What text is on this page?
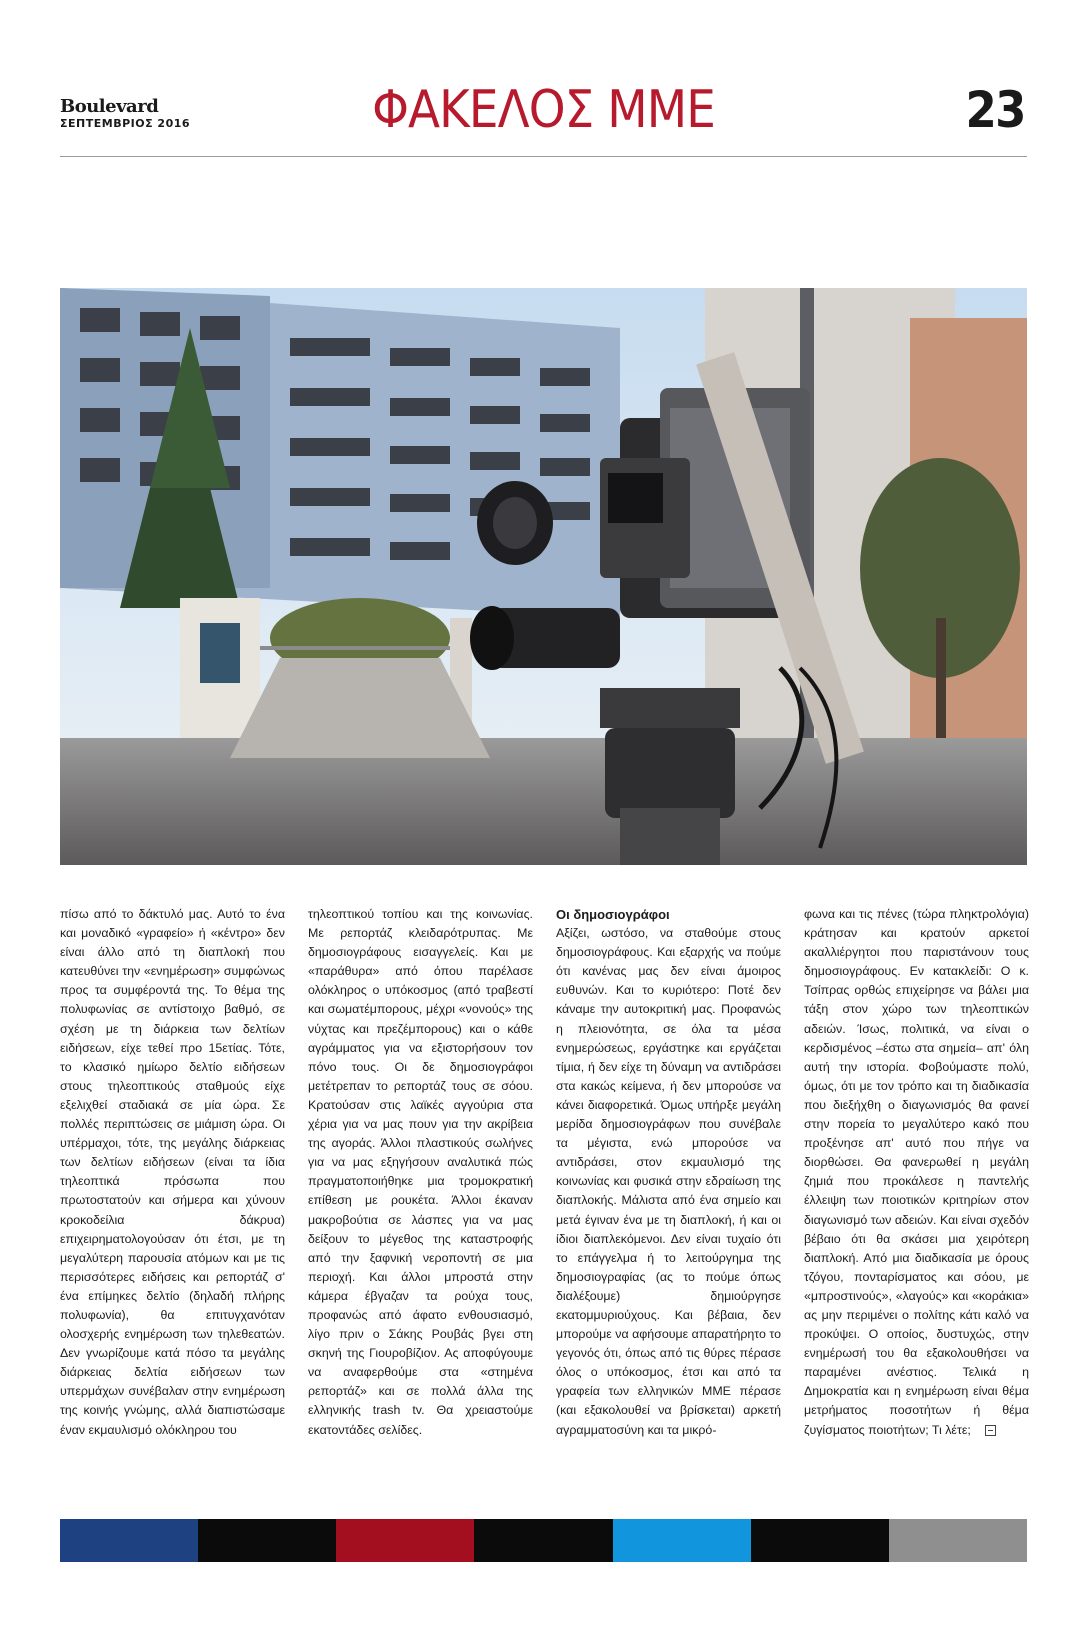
Boulevard
ΣΕΠΤΕΜΒΡΙΟΣ 2016	ΦΑΚΕΛΟΣ ΜΜΕ	23

πίσω από το δάκτυλό μας. Αυτό το ένα και μοναδικό «γραφείο» ή «κέντρο» δεν είναι άλλο από τη διαπλοκή που κατευθύνει την «ενημέρωση» συμφώνως προς τα συμφέροντά της. Το θέμα της πολυφωνίας σε αντίστοιχο βαθμό, σε σχέση με τη διάρκεια των δελτίων ειδήσεων, είχε τεθεί προ 15ετίας. Τότε, το κλασικό ημίωρο δελτίο ειδήσεων στους τηλεοπτικούς σταθμούς είχε εξελιχθεί σταδιακά σε μία ώρα. Σε πολλές περιπτώσεις σε μιάμιση ώρα. Οι υπέρμαχοι, τότε, της μεγάλης διάρκειας των δελτίων ειδήσεων (είναι τα ίδια τηλεοπτικά πρόσωπα που πρωτοστατούν και σήμερα και χύνουν κροκοδείλια δάκρυα) επιχειρηματολογούσαν ότι έτσι, με τη μεγαλύτερη παρουσία ατόμων και με τις περισσότερες ειδήσεις και ρεπορτάζ σ' ένα επίμηκες δελτίο (δηλαδή πλήρης πολυφωνία), θα επιτυγχανόταν ολοσχερής ενημέρωση των τηλεθεατών. Δεν γνωρίζουμε κατά πόσο τα μεγάλης διάρκειας δελτία ειδήσεων των υπερμάχων συνέβαλαν στην ενημέρωση της κοινής γνώμης, αλλά διαπιστώσαμε έναν εκμαυλισμό ολόκληρου του

τηλεοπτικού τοπίου και της κοινωνίας. Με ρεπορτάζ κλειδαρότρυπας. Με δημοσιογράφους εισαγγελείς. Και με «παράθυρα» από όπου παρέλασε ολόκληρος ο υπόκοσμος (από τραβεστί και σωματέμπορους, μέχρι «νονούς» της νύχτας και πρεζέμπορους) και ο κάθε αγράμματος για να εξιστορήσουν τον πόνο τους. Οι δε δημοσιογράφοι μετέτρεπαν το ρεπορτάζ τους σε σόου. Κρατούσαν στις λαϊκές αγγούρια στα χέρια για να μας πουν για την ακρίβεια της αγοράς. Άλλοι πλαστικούς σωλήνες για να μας εξηγήσουν αναλυτικά πώς πραγματοποιήθηκε μια τρομοκρατική επίθεση με ρουκέτα. Άλλοι έκαναν μακροβούτια σε λάσπες για να μας δείξουν το μέγεθος της καταστροφής από την ξαφνική νεροποντή σε μια περιοχή. Και άλλοι μπροστά στην κάμερα έβγαζαν τα ρούχα τους, προφανώς από άφατο ενθουσιασμό, λίγο πριν ο Σάκης Ρουβάς βγει στη σκηνή της Γιουροβίζιον. Ας αποφύγουμε να αναφερθούμε στα «στημένα ρεπορτάζ» και σε πολλά άλλα της ελληνικής trash tv. Θα χρειαστούμε εκατοντάδες σελίδες.

Οι δημοσιογράφοι

Αξίζει, ωστόσο, να σταθούμε στους δημοσιογράφους. Και εξαρχής να πούμε ότι κανένας μας δεν είναι άμοιρος ευθυνών. Και το κυριότερο: Ποτέ δεν κάναμε την αυτοκριτική μας. Προφανώς η πλειονότητα, σε όλα τα μέσα ενημερώσεως, εργάστηκε και εργάζεται τίμια, ή δεν είχε τη δύναμη να αντιδράσει στα κακώς κείμενα, ή δεν μπορούσε να κάνει διαφορετικά. Όμως υπήρξε μεγάλη μερίδα δημοσιογράφων που συνέβαλε τα μέγιστα, ενώ μπορούσε να αντιδράσει, στον εκμαυλισμό της κοινωνίας και φυσικά στην εδραίωση της διαπλοκής. Μάλιστα από ένα σημείο και μετά έγιναν ένα με τη διαπλοκή, ή και οι ίδιοι διαπλεκόμενοι. Δεν είναι τυχαίο ότι το επάγγελμα ή το λειτούργημα της δημοσιογραφίας (ας το πούμε όπως διαλέξουμε) δημιούργησε εκατομμυριούχους. Και βέβαια, δεν μπορούμε να αφήσουμε απαρατήρητο το γεγονός ότι, όπως από τις θύρες πέρασε όλος ο υπόκοσμος, έτσι και από τα γραφεία των ελληνικών ΜΜΕ πέρασε (και εξακολουθεί να βρίσκεται) αρκετή αγραμματοσύνη και τα μικρό-

φωνα και τις πένες (τώρα πληκτρολόγια) κράτησαν και κρατούν αρκετοί ακαλλιέργητοι που παριστάνουν τους δημοσιογράφους. Εν κατακλείδι: Ο κ. Τσίπρας ορθώς επιχείρησε να βάλει μια τάξη στον χώρο των τηλεοπτικών αδειών. Ίσως, πολιτικά, να είναι ο κερδισμένος –έστω στα σημεία– απ' όλη αυτή την ιστορία. Φοβούμαστε πολύ, όμως, ότι με τον τρόπο και τη διαδικασία που διεξήχθη ο διαγωνισμός θα φανεί στην πορεία το μεγαλύτερο κακό που προξένησε απ' αυτό που πήγε να διορθώσει. Θα φανερωθεί η μεγάλη ζημιά που προκάλεσε η παντελής έλλειψη των ποιοτικών κριτηρίων στον διαγωνισμό των αδειών. Και είναι σχεδόν βέβαιο ότι θα σκάσει μια χειρότερη διαπλοκή. Από μια διαδικασία με όρους τζόγου, πονταρίσματος και σόου, με «μπροστινούς», «λαγούς» και «κοράκια» ας μην περιμένει ο πολίτης κάτι καλό να προκύψει. Ο οποίος, δυστυχώς, στην ενημέρωσή του θα εξακολουθήσει να παραμένει ανέστιος. Τελικά η Δημοκρατία και η ενημέρωση είναι θέμα μετρήματος ποσοτήτων ή θέμα ζυγίσματος ποιοτήτων; Τι λέτε;
